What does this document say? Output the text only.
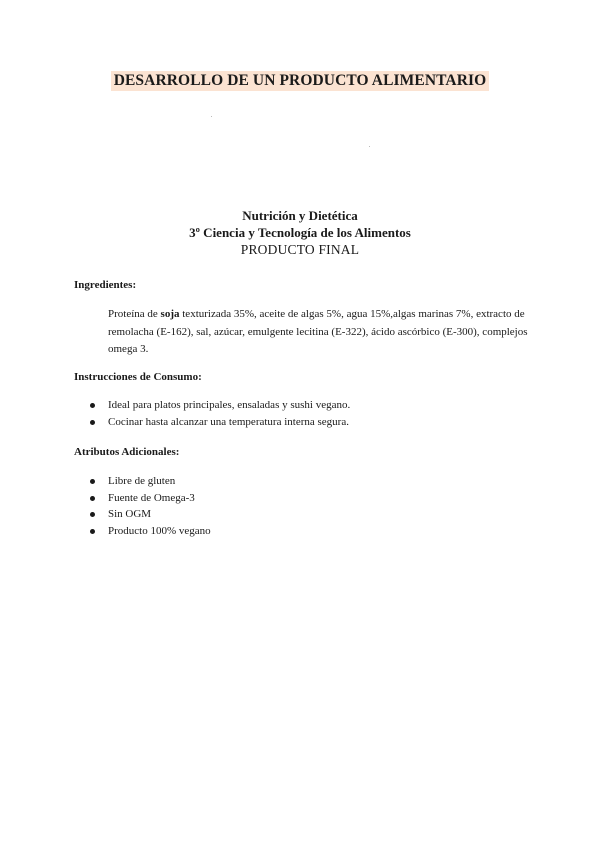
DESARROLLO DE UN PRODUCTO ALIMENTARIO
Nutrición y Dietética
3º Ciencia y Tecnología de los Alimentos
PRODUCTO FINAL
Ingredientes:
Proteína de soja texturizada 35%, aceite de algas 5%, agua 15%,algas marinas 7%, extracto de remolacha (E-162), sal, azúcar, emulgente lecitina (E-322), ácido ascórbico (E-300), complejos omega 3.
Instrucciones de Consumo:
Ideal para platos principales, ensaladas y sushi vegano.
Cocinar hasta alcanzar una temperatura interna segura.
Atributos Adicionales:
Libre de gluten
Fuente de Omega-3
Sin OGM
Producto 100% vegano
